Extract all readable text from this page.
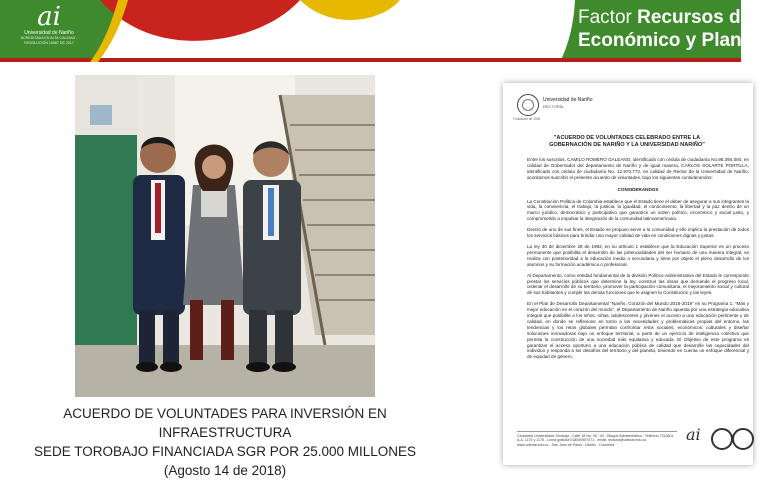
ai
Universidad de Nariño
ACREDITADA EN ALTA CALIDAD - RESOLUCIÓN 10567 DE 2017
Factor Recursos de A
Económico y Planta
ACUERDO DE VOLUNTADES PARA INVERSIÓN EN INFRAESTRUCTURA
SEDE TOROBAJO FINANCIADA SGR POR 25.000 MILLONES
(Agosto 14 de 2018)
Universidad de Nariño
RECTORÍA
Fundación de 1904
"ACUERDO DE VOLUNTADES CELEBRADO ENTRE LA
GOBERNACIÓN DE NARIÑO Y LA UNIVERSIDAD NARIÑO"

Entre los suscritos, CAMILO ROMERO GALEANO, identificado con cédula de ciudadanía No.98.394.084, en calidad de Gobernador del departamento de Nariño y de igual manera, CARLOS SOLARTE PORTILLA, identificado con cédula de ciudadanía No. 12.970.772, en calidad de Rector de la Universidad de Nariño, acordamos suscribir el presente acuerdo de voluntades, bajo los siguientes considerandos:

CONSIDERANDOS

La Constitución Política de Colombia establece que el Estado tiene el deber de asegurar a sus integrantes la vida, la convivencia, el trabajo, la justicia, la igualdad, el conocimiento, la libertad y la paz dentro de un marco jurídico, democrático y participativo que garantice un orden político, económico y social justo, y comprometido a impulsar la integración de la comunidad latinoamericana.

Dentro de uno de sus fines, el Estado se propuso servir a la comunidad y ello implica la prestación de todos los servicios básicos para brindar una mayor calidad de vida en condiciones dignas y justas.

La ley 30 de diciembre 28 de 1992, en su artículo 1 establece que la Educación Superior es un proceso permanente que posibilita el desarrollo de las potencialidades del ser humano de una manera integral, se realiza con posterioridad a la educación media o secundaria y tiene por objeto el pleno desarrollo de los alumnos y su formación académica o profesional.

Al Departamento, como entidad fundamental de la división Político-Administrativa del Estado le corresponde prestar los servicios públicos que determine la ley, construir las obras que demande el progreso local, ordenar el desarrollo de su territorio, promover la participación comunitaria, el mejoramiento social y cultural de sus habitantes y cumplir las demás funciones que le asignen la Constitución y las leyes.

En el Plan de Desarrollo Departamental "Nariño, Corazón del Mundo 2016-2019" en su Programa 1. "Más y mejor educación en el corazón del mundo", el Departamento de Nariño apuesta por una estrategia educativa integral que posibilite a los niños, niñas, adolescentes y jóvenes el acceso a una educación pertinente y de calidad, en donde se reflexione en torno a las necesidades y problemáticas propias del entorno, las tendencias y los retos globales permitan confrontar retos sociales, económicos, culturales y diseñar soluciones innovadoras bajo un enfoque territorial, a partir de un ejercicio de inteligencia colectiva que permita la construcción de una sociedad más equitativa y educada. El Objetivo de este programa es garantizar el acceso oportuno a una educación pública de calidad que desarrolle las capacidades del individuo y responda a los desafíos del territorio y del planeta, teniendo en cuenta un enfoque diferencial y de equidad de género.

Ciudadela Universitaria Torobajo - Calle 18 No. 50 - 02 - Bloque Administrativo - Teléfono 7313601
A.A. 1175 y 1176 - Línea gratuita 018000957071 - email: rectoria@udenar.edu.co
www.udenar.edu.co - San Juan de Pasto - Nariño - Colombia
ai
